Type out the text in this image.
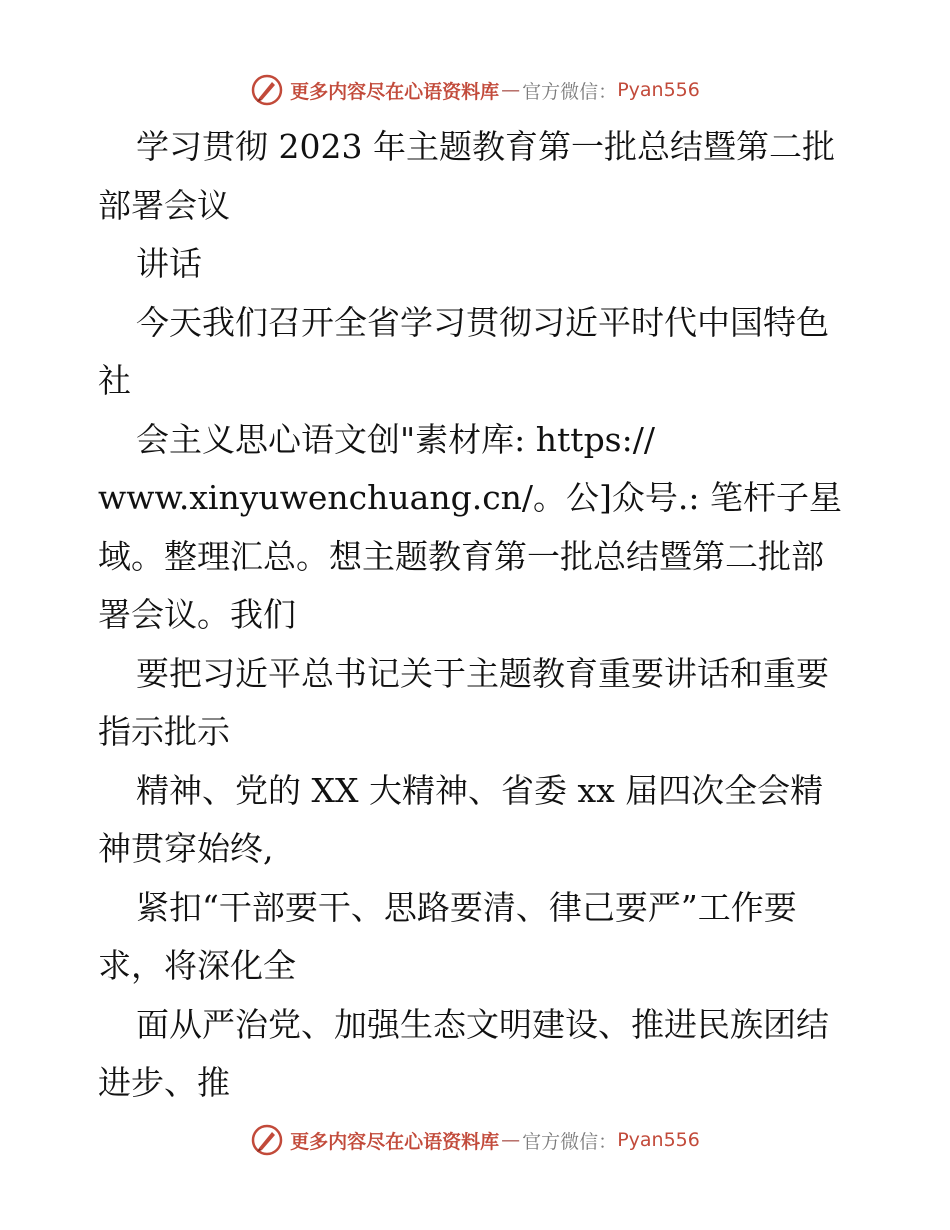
更多内容尽在心语资料库 — 官方微信： Pyan556
学习贯彻 2023 年主题教育第一批总结暨第二批
部署会议
讲话
今天我们召开全省学习贯彻习近平时代中国特色
社
会主义思心语文创"素材库: https://
www.xinyuwenchuang.cn/。公]众号.: 笔杆子星
域。整理汇总。想主题教育第一批总结暨第二批部
署会议。我们
要把习近平总书记关于主题教育重要讲话和重要
指示批示
精神、党的 XX 大精神、省委 xx 届四次全会精
神贯穿始终,
紧扣“干部要干、思路要清、律己要严”工作要
求，将深化全
面从严治党、加强生态文明建设、推进民族团结
进步、推
更多内容尽在心语资料库 — 官方微信： Pyan556
